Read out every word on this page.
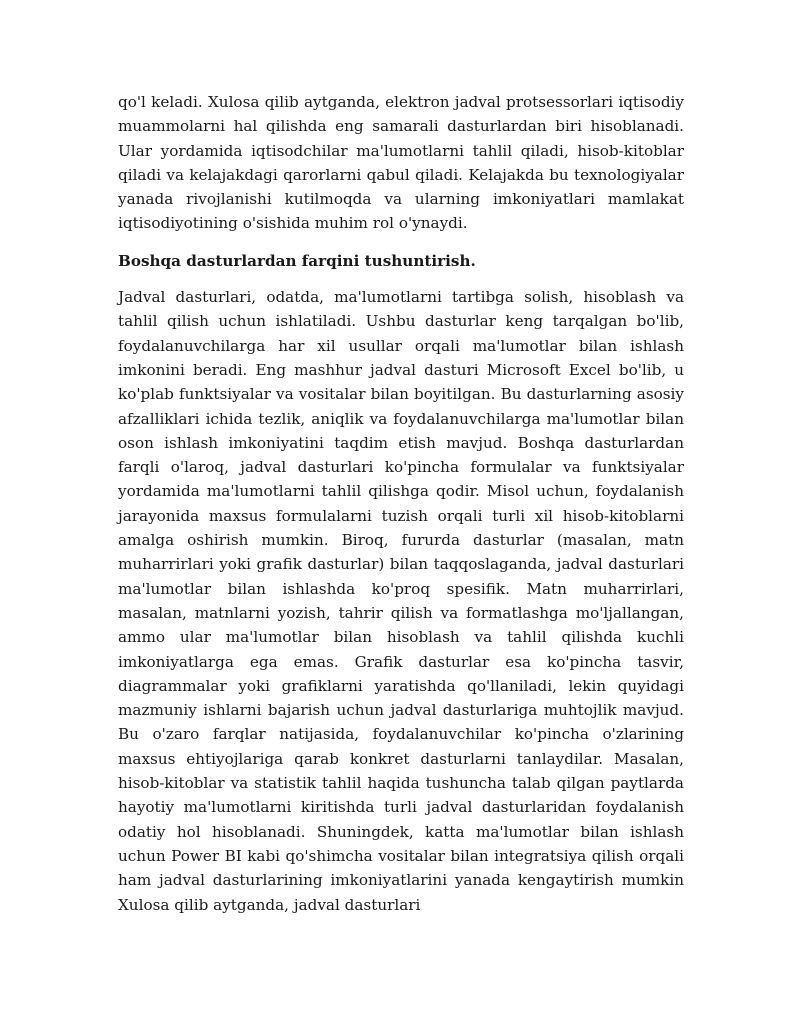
qo'l keladi. Xulosa qilib aytganda, elektron jadval protsessorlari iqtisodiy muammolarni hal qilishda eng samarali dasturlardan biri hisoblanadi. Ular yordamida iqtisodchilar ma'lumotlarni tahlil qiladi, hisob-kitoblar qiladi va kelajakdagi qarorlarni qabul qiladi. Kelajakda bu texnologiyalar yanada rivojlanishi kutilmoqda va ularning imkoniyatlari mamlakat iqtisodiyotining o'sishida muhim rol o'ynaydi.

Boshqa dasturlardan farqini tushuntirish.

Jadval dasturlari, odatda, ma'lumotlarni tartibga solish, hisoblash va tahlil qilish uchun ishlatiladi. Ushbu dasturlar keng tarqalgan bo'lib, foydalanuvchilarga har xil usullar orqali ma'lumotlar bilan ishlash imkonini beradi. Eng mashhur jadval dasturi Microsoft Excel bo'lib, u ko'plab funktsiyalar va vositalar bilan boyitilgan. Bu dasturlarning asosiy afzalliklari ichida tezlik, aniqlik va foydalanuvchilarga ma'lumotlar bilan oson ishlash imkoniyatini taqdim etish mavjud. Boshqa dasturlardan farqli o'laroq, jadval dasturlari ko'pincha formulalar va funktsiyalar yordamida ma'lumotlarni tahlil qilishga qodir. Misol uchun, foydalanish jarayonida maxsus formulalarni tuzish orqali turli xil hisob-kitoblarni amalga oshirish mumkin. Biroq, fururda dasturlar (masalan, matn muharrirlari yoki grafik dasturlar) bilan taqqoslaganda, jadval dasturlari ma'lumotlar bilan ishlashda ko'proq spesifik. Matn muharrirlari, masalan, matnlarni yozish, tahrir qilish va formatlashga mo'ljallangan, ammo ular ma'lumotlar bilan hisoblash va tahlil qilishda kuchli imkoniyatlarga ega emas. Grafik dasturlar esa ko'pincha tasvir, diagrammalar yoki grafiklarni yaratishda qo'llaniladi, lekin quyidagi mazmuniy ishlarni bajarish uchun jadval dasturlariga muhtojlik mavjud. Bu o'zaro farqlar natijasida, foydalanuvchilar ko'pincha o'zlarining maxsus ehtiyojlariga qarab konkret dasturlarni tanlaydilar. Masalan, hisob-kitoblar va statistik tahlil haqida tushuncha talab qilgan paytlarda hayotiy ma'lumotlarni kiritishda turli jadval dasturlaridan foydalanish odatiy hol hisoblanadi. Shuningdek, katta ma'lumotlar bilan ishlash uchun Power BI kabi qo'shimcha vositalar bilan integratsiya qilish orqali ham jadval dasturlarining imkoniyatlarini yanada kengaytirish mumkin Xulosa qilib aytganda, jadval dasturlari
